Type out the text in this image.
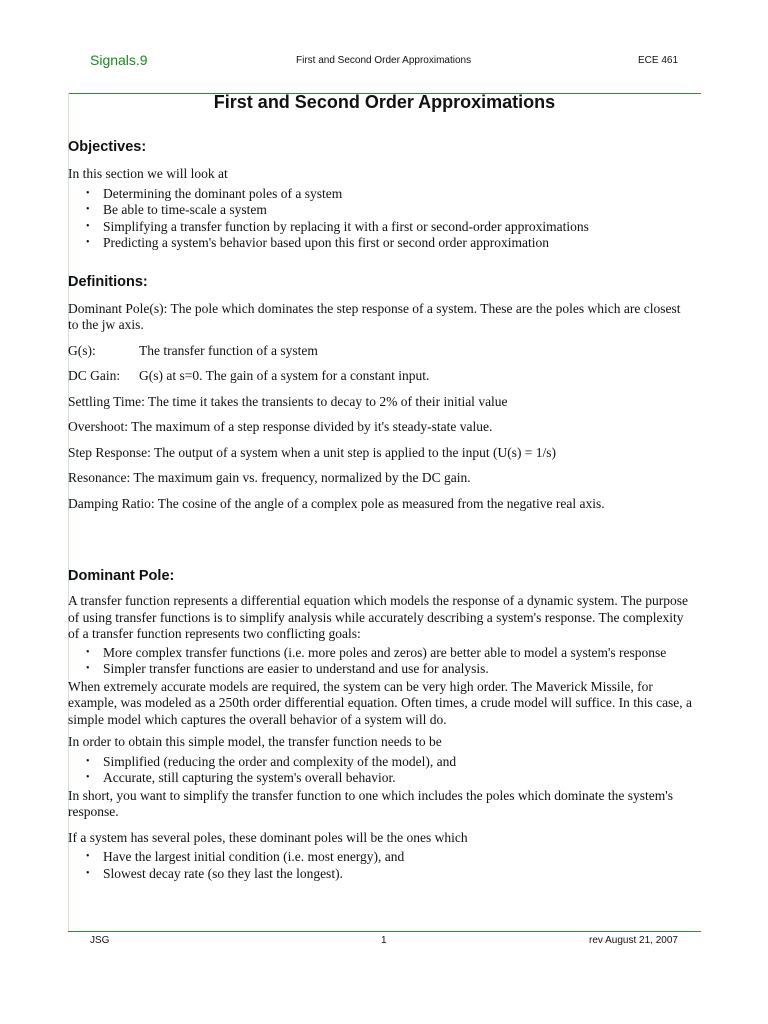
Signals.9	First and Second Order Approximations	ECE 461
First and Second Order Approximations
Objectives:

In this section we will look at

• Determining the dominant poles of a system
• Be able to time-scale a system
• Simplifying a transfer function by replacing it with a first or second-order approximations
• Predicting a system's behavior based upon this first or second order approximation
Definitions:

Dominant Pole(s): The pole which dominates the step response of a system. These are the poles which are closest to the jw axis.

G(s):	The transfer function of a system
DC Gain:	G(s) at s=0. The gain of a system for a constant input.

Settling Time: The time it takes the transients to decay to 2% of their initial value

Overshoot: The maximum of a step response divided by it's steady-state value.

Step Response: The output of a system when a unit step is applied to the input (U(s) = 1/s)

Resonance: The maximum gain vs. frequency, normalized by the DC gain.

Damping Ratio: The cosine of the angle of a complex pole as measured from the negative real axis.

Dominant Pole:

A transfer function represents a differential equation which models the response of a dynamic system. The purpose of using transfer functions is to simplify analysis while accurately describing a system's response. The complexity of a transfer function represents two conflicting goals:

• More complex transfer functions (i.e. more poles and zeros) are better able to model a system's response
• Simpler transfer functions are easier to understand and use for analysis.

When extremely accurate models are required, the system can be very high order. The Maverick Missile, for example, was modeled as a 250th order differential equation. Often times, a crude model will suffice. In this case, a simple model which captures the overall behavior of a system will do.

In order to obtain this simple model, the transfer function needs to be

• Simplified (reducing the order and complexity of the model), and
• Accurate, still capturing the system's overall behavior.

In short, you want to simplify the transfer function to one which includes the poles which dominate the system's response.

If a system has several poles, these dominant poles will be the ones which

• Have the largest initial condition (i.e. most energy), and
• Slowest decay rate (so they last the longest).
JSG	1	rev August 21, 2007
